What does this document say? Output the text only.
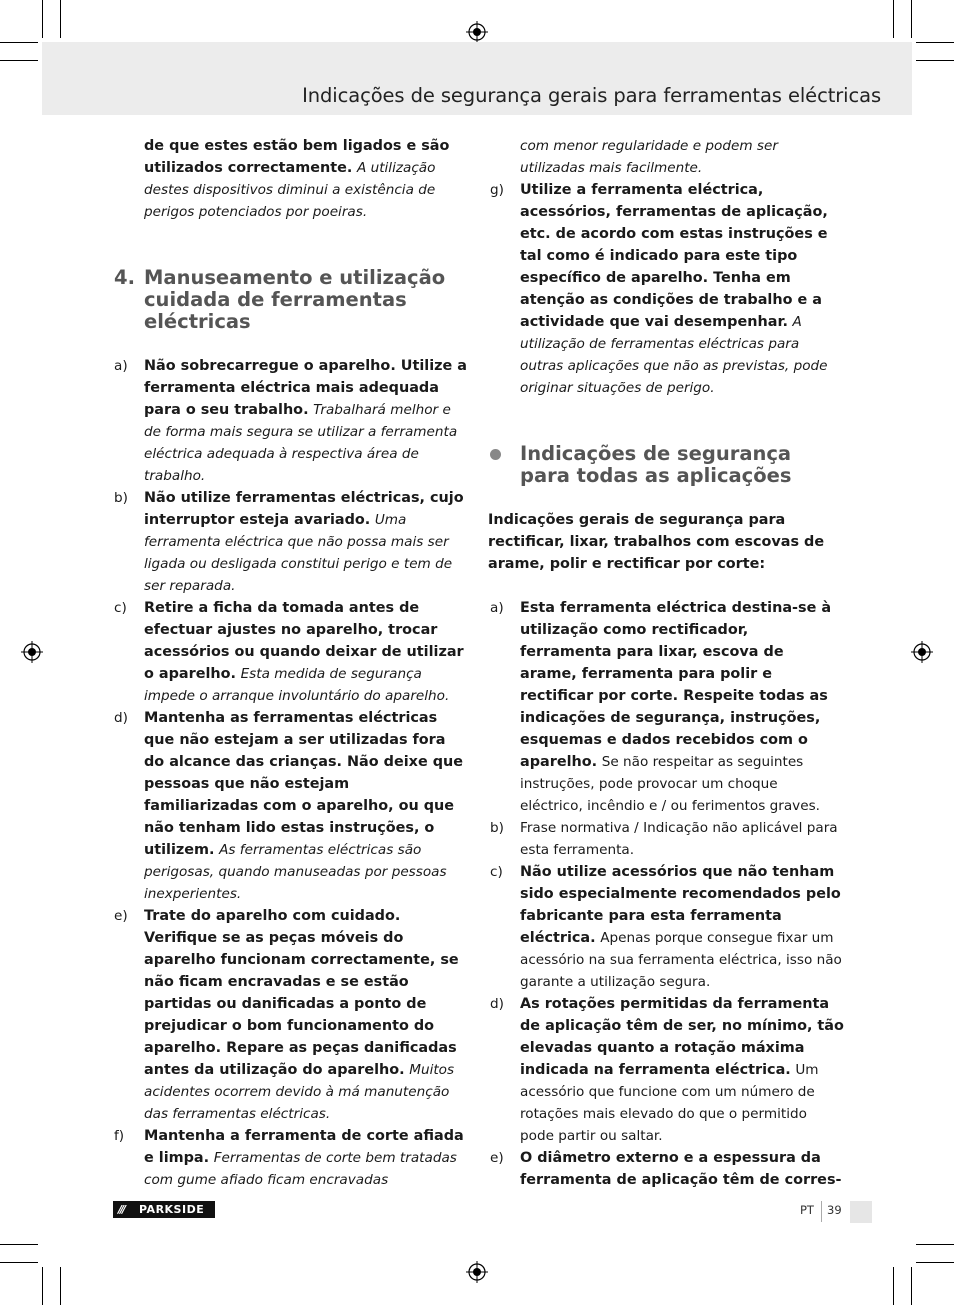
Indicações de segurança gerais para ferramentas eléctricas

de que estes estão bem ligados e são utilizados correctamente. A utilização destes dispositivos diminui a existência de perigos potenciados por poeiras.

4. Manuseamento e utilização cuidada de ferramentas eléctricas
a) Não sobrecarregue o aparelho. Utilize a ferramenta eléctrica mais adequada para o seu trabalho. Trabalhará melhor e de forma mais segura se utilizar a ferramenta eléctrica adequada à respectiva área de trabalho.
b) Não utilize ferramentas eléctricas, cujo interruptor esteja avariado. Uma ferramenta eléctrica que não possa mais ser ligada ou desligada constitui perigo e tem de ser reparada.
c) Retire a ficha da tomada antes de efectuar ajustes no aparelho, trocar acessórios ou quando deixar de utilizar o aparelho. Esta medida de segurança impede o arranque involuntário do aparelho.
d) Mantenha as ferramentas eléctricas que não estejam a ser utilizadas fora do alcance das crianças. Não deixe que pessoas que não estejam familiarizadas com o aparelho, ou que não tenham lido estas instruções, o utilizem. As ferramentas eléctricas são perigosas, quando manuseadas por pessoas inexperientes.
e) Trate do aparelho com cuidado. Verifique se as peças móveis do aparelho funcionam correctamente, se não ficam encravadas e se estão partidas ou danificadas a ponto de prejudicar o bom funcionamento do aparelho. Repare as peças danificadas antes da utilização do aparelho. Muitos acidentes ocorrem devido à má manutenção das ferramentas eléctricas.
f) Mantenha a ferramenta de corte afiada e limpa. Ferramentas de corte bem tratadas com gume afiado ficam encravadas

com menor regularidade e podem ser utilizadas mais facilmente.

g) Utilize a ferramenta eléctrica, acessórios, ferramentas de aplicação, etc. de acordo com estas instruções e tal como é indicado para este tipo específico de aparelho. Tenha em atenção as condições de trabalho e a actividade que vai desempenhar. A utilização de ferramentas eléctricas para outras aplicações que não as previstas, pode originar situações de perigo.
Indicações de segurança para todas as aplicações

Indicações gerais de segurança para rectificar, lixar, trabalhos com escovas de arame, polir e rectificar por corte:

a) Esta ferramenta eléctrica destina-se à utilização como rectificador, ferramenta para lixar, escova de arame, ferramenta para polir e rectificar por corte. Respeite todas as indicações de segurança, instruções, esquemas e dados recebidos com o aparelho. Se não respeitar as seguintes instruções, pode provocar um choque eléctrico, incêndio e / ou ferimentos graves.
b) Frase normativa / Indicação não aplicável para esta ferramenta.
c) Não utilize acessórios que não tenham sido especialmente recomendados pelo fabricante para esta ferramenta eléctrica. Apenas porque consegue fixar um acessório na sua ferramenta eléctrica, isso não garante a utilização segura.
d) As rotações permitidas da ferramenta de aplicação têm de ser, no mínimo, tão elevadas quanto a rotação máxima indicada na ferramenta eléctrica. Um acessório que funcione com um número de rotações mais elevado do que o permitido pode partir ou saltar.
e) O diâmetro externo e a espessura da ferramenta de aplicação têm de corres-
/// PARKSIDE	PT 39
